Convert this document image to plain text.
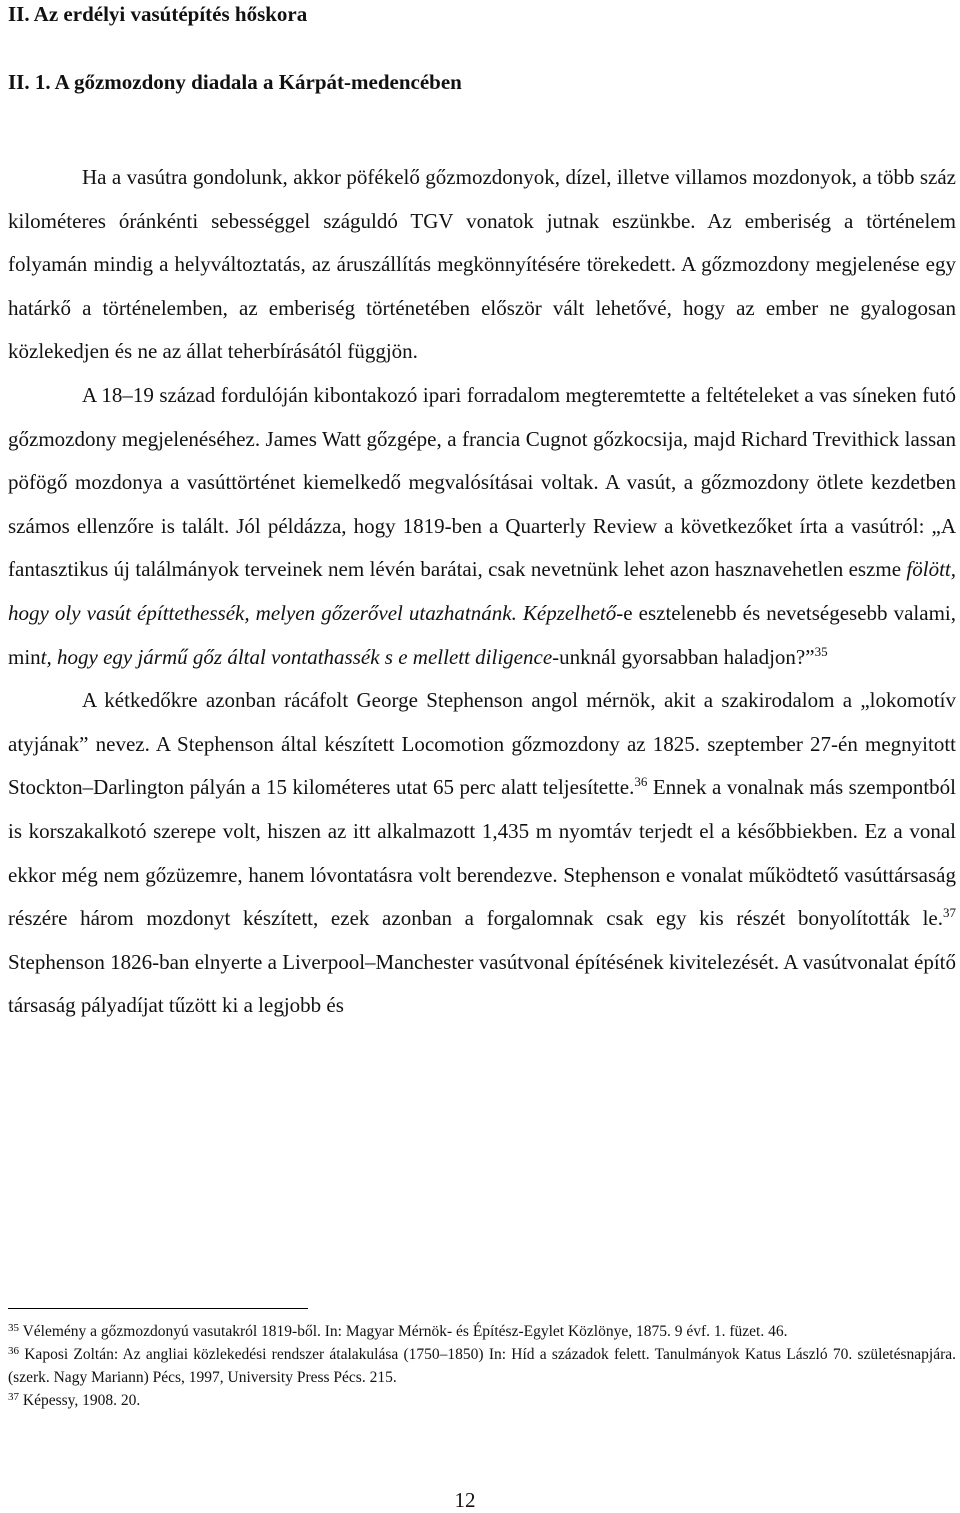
II. Az erdélyi vasútépítés hőskora
II. 1. A gőzmozdony diadala a Kárpát-medencében

Ha a vasútra gondolunk, akkor pöfékelő gőzmozdonyok, dízel, illetve villamos mozdonyok, a több száz kilométeres óránkénti sebességgel száguldó TGV vonatok jutnak eszünkbe. Az emberiség a történelem folyamán mindig a helyváltoztatás, az áruszállítás megkönnyítésére törekedett. A gőzmozdony megjelenése egy határkő a történelemben, az emberiség történetében először vált lehetővé, hogy az ember ne gyalogosan közlekedjen és ne az állat teherbírásától függjön.

A 18–19 század fordulóján kibontakozó ipari forradalom megteremtette a feltételeket a vas síneken futó gőzmozdony megjelenéséhez. James Watt gőzgépe, a francia Cugnot gőzkocsija, majd Richard Trevithick lassan pöfögő mozdonya a vasúttörténet kiemelkedő megvalósításai voltak. A vasút, a gőzmozdony ötlete kezdetben számos ellenzőre is talált. Jól példázza, hogy 1819-ben a Quarterly Review a következőket írta a vasútról: „A fantasztikus új találmányok terveinek nem lévén barátai, csak nevetnünk lehet azon hasznavehetlen eszme fölött, hogy oly vasút építtethessék, melyen gőzerővel utazhatnánk. Képzelhető-e esztelenebb és nevetségesebb valami, mint, hogy egy jármű gőz által vontathassék s e mellett diligence-unknál gyorsabban haladjon?”$^{35}$

A kétkedőkre azonban rácáfolt George Stephenson angol mérnök, akit a szakirodalom a „lokomotív atyjának” nevez. A Stephenson által készített Locomotion gőzmozdony az 1825. szeptember 27-én megnyitott Stockton–Darlington pályán a 15 kilométeres utat 65 perc alatt teljesítette.$^{36}$ Ennek a vonalnak más szempontból is korszakalkotó szerepe volt, hiszen az itt alkalmazott 1,435 m nyomtáv terjedt el a későbbiekben. Ez a vonal ekkor még nem gőzüzemre, hanem lóvontatásra volt berendezve. Stephenson e vonalat működtető vasúttársaság részére három mozdonyt készített, ezek azonban a forgalomnak csak egy kis részét bonyolították le.$^{37}$ Stephenson 1826-ban elnyerte a Liverpool–Manchester vasútvonal építésének kivitelezését. A vasútvonalat építő társaság pályadíjat tűzött ki a legjobb és

$^{35}$ Vélemény a gőzmozdonyú vasutakról 1819-ből. In: Magyar Mérnök- és Építész-Egylet Közlönye, 1875. 9 évf. 1. füzet. 46.

$^{36}$ Kaposi Zoltán: Az angliai közlekedési rendszer átalakulása (1750–1850) In: Híd a századok felett. Tanulmányok Katus László 70. születésnapjára. (szerk. Nagy Mariann) Pécs, 1997, University Press Pécs. 215.

$^{37}$ Képessy, 1908. 20.

12
